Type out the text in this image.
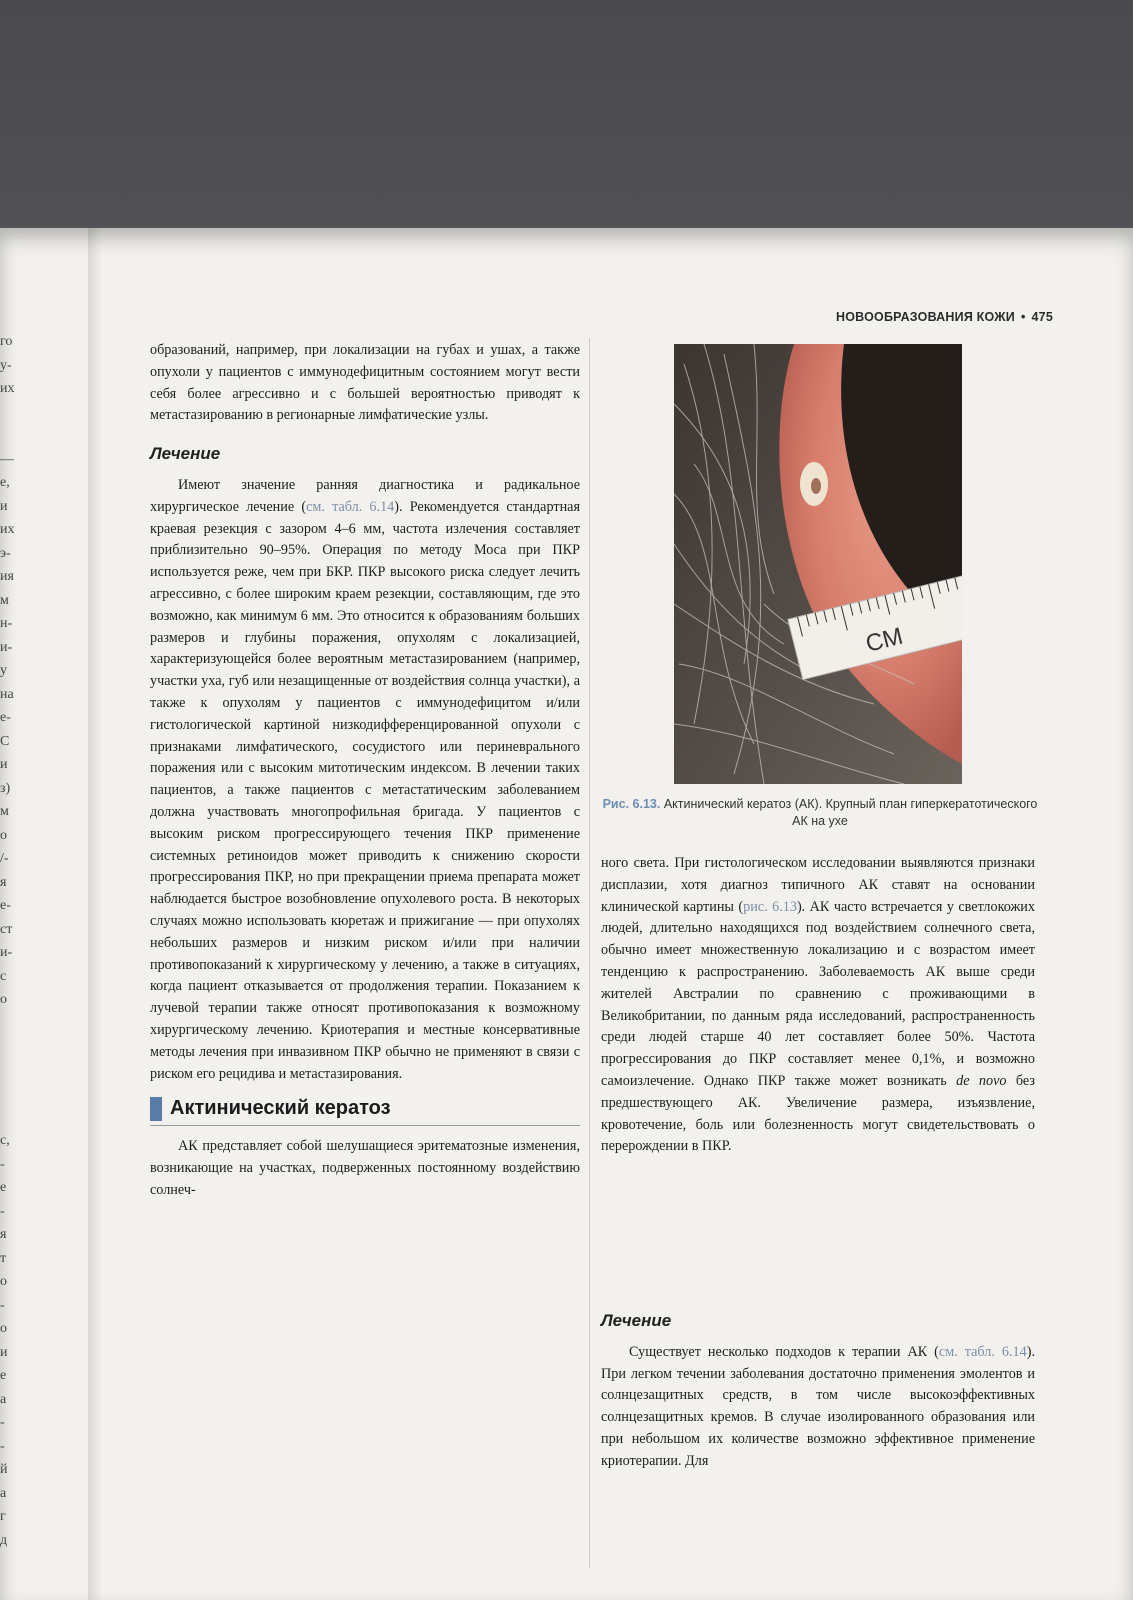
го
у-
их
—
е,
и
их
э-
ия
м
н-
и-
у
на
е-
С
и
з)
м
о
/-
я
е-
ст
и-
с
о
с,
-
е
-
я
т
о
-
о
и
е
а
-
-
й
а
г
д
НОВООБРАЗОВАНИЯ КОЖИ • 475

образований, например, при локализации на губах и ушах, а также опухоли у пациентов с иммунодефицитным состоянием могут вести себя более агрессивно и с большей вероятностью приводят к метастазированию в регионарные лимфатические узлы.

Лечение

Имеют значение ранняя диагностика и радикальное хирургическое лечение (см. табл. 6.14). Рекомендуется стандартная краевая резекция с зазором 4–6 мм, частота излечения составляет приблизительно 90–95%. Операция по методу Моса при ПКР используется реже, чем при БКР. ПКР высокого риска следует лечить агрессивно, с более широким краем резекции, составляющим, где это возможно, как минимум 6 мм. Это относится к образованиям больших размеров и глубины поражения, опухолям с локализацией, характеризующейся более вероятным метастазированием (например, участки уха, губ или незащищенные от воздействия солнца участки), а также к опухолям у пациентов с иммунодефицитом и/или гистологической картиной низкодифференцированной опухоли с признаками лимфатического, сосудистого или периневрального поражения или с высоким митотическим индексом. В лечении таких пациентов, а также пациентов с метастатическим заболеванием должна участвовать многопрофильная бригада. У пациентов с высоким риском прогрессирующего течения ПКР применение системных ретиноидов может приводить к снижению скорости прогрессирования ПКР, но при прекращении приема препарата может наблюдается быстрое возобновление опухолевого роста. В некоторых случаях можно использовать кюретаж и прижигание — при опухолях небольших размеров и низким риском и/или при наличии противопоказаний к хирургическому у лечению, а также в ситуациях, когда пациент отказывается от продолжения терапии. Показанием к лучевой терапии также относят противопоказания к возможному хирургическому лечению. Криотерапия и местные консервативные методы лечения при инвазивном ПКР обычно не применяют в связи с риском его рецидива и метастазирования.

Актинический кератоз

АК представляет собой шелушащиеся эритематозные изменения, возникающие на участках, подверженных постоянному воздействию солнеч-

СМ
Рис. 6.13. Актинический кератоз (АК). Крупный план гиперкератотического АК на ухе

ного света. При гистологическом исследовании выявляются признаки дисплазии, хотя диагноз типичного АК ставят на основании клинической картины (рис. 6.13). АК часто встречается у светлокожих людей, длительно находящихся под воздействием солнечного света, обычно имеет множественную локализацию и с возрастом имеет тенденцию к распространению. Заболеваемость АК выше среди жителей Австралии по сравнению с проживающими в Великобритании, по данным ряда исследований, распространенность среди людей старше 40 лет составляет более 50%. Частота прогрессирования до ПКР составляет менее 0,1%, и возможно самоизлечение. Однако ПКР также может возникать de novo без предшествующего АК. Увеличение размера, изъязвление, кровотечение, боль или болезненность могут свидетельствовать о перерождении в ПКР.

Лечение

Существует несколько подходов к терапии АК (см. табл. 6.14). При легком течении заболевания достаточно применения эмолентов и солнцезащитных средств, в том числе высокоэффективных солнцезащитных кремов. В случае изолированного образования или при небольшом их количестве возможно эффективное применение криотерапии. Для
